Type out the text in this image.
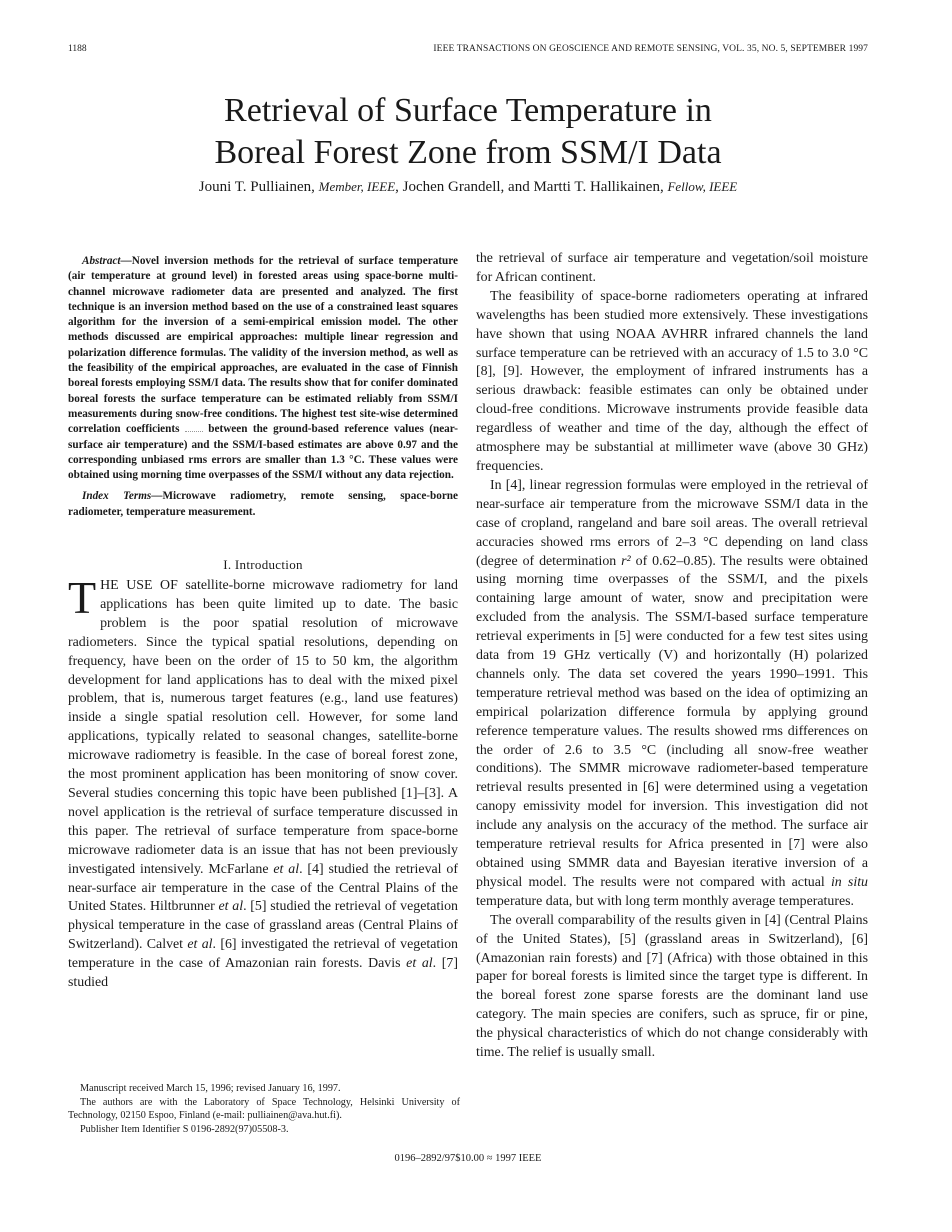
1188	IEEE TRANSACTIONS ON GEOSCIENCE AND REMOTE SENSING, VOL. 35, NO. 5, SEPTEMBER 1997
Retrieval of Surface Temperature in
Boreal Forest Zone from SSM/I Data
Jouni T. Pulliainen, Member, IEEE, Jochen Grandell, and Martti T. Hallikainen, Fellow, IEEE

Abstract—Novel inversion methods for the retrieval of surface temperature (air temperature at ground level) in forested areas using space-borne multi-channel microwave radiometer data are presented and analyzed. The first technique is an inversion method based on the use of a constrained least squares algorithm for the inversion of a semi-empirical emission model. The other methods discussed are empirical approaches: multiple linear regression and polarization difference formulas. The validity of the inversion method, as well as the feasibility of the empirical approaches, are evaluated in the case of Finnish boreal forests employing SSM/I data. The results show that for conifer dominated boreal forests the surface temperature can be estimated reliably from SSM/I measurements during snow-free conditions. The highest test site-wise determined correlation coefficients	between the ground-based reference values (near-surface air temperature) and the SSM/I-based estimates are above 0.97 and the corresponding unbiased rms errors are smaller than 1.3 °C. These values were obtained using morning time overpasses of the SSM/I without any data rejection.

Index Terms—Microwave radiometry, remote sensing, space-borne radiometer, temperature measurement.

I. Introduction

THE USE OF satellite-borne microwave radiometry for land applications has been quite limited up to date. The basic problem is the poor spatial resolution of microwave radiometers. Since the typical spatial resolutions, depending on frequency, have been on the order of 15 to 50 km, the algorithm development for land applications has to deal with the mixed pixel problem, that is, numerous target features (e.g., land use features) inside a single spatial resolution cell. However, for some land applications, typically related to seasonal changes, satellite-borne microwave radiometry is feasible. In the case of boreal forest zone, the most prominent application has been monitoring of snow cover. Several studies concerning this topic have been published [1]–[3]. A novel application is the retrieval of surface temperature discussed in this paper. The retrieval of surface temperature from space-borne microwave radiometer data is an issue that has not been previously investigated intensively. McFarlane et al. [4] studied the retrieval of near-surface air temperature in the case of the Central Plains of the United States. Hiltbrunner et al. [5] studied the retrieval of vegetation physical temperature in the case of grassland areas (Central Plains of Switzerland). Calvet et al. [6] investigated the retrieval of vegetation temperature in the case of Amazonian rain forests. Davis et al. [7] studied

Manuscript received March 15, 1996; revised January 16, 1997.

The authors are with the Laboratory of Space Technology, Helsinki University of Technology, 02150 Espoo, Finland (e-mail: pulliainen@ava.hut.fi).

Publisher Item Identifier S 0196-2892(97)05508-3.

the retrieval of surface air temperature and vegetation/soil moisture for African continent.

The feasibility of space-borne radiometers operating at infrared wavelengths has been studied more extensively. These investigations have shown that using NOAA AVHRR infrared channels the land surface temperature can be retrieved with an accuracy of 1.5 to 3.0 °C [8], [9]. However, the employment of infrared instruments has a serious drawback: feasible estimates can only be obtained under cloud-free conditions. Microwave instruments provide feasible data regardless of weather and time of the day, although the effect of atmosphere may be substantial at millimeter wave (above 30 GHz) frequencies.

In [4], linear regression formulas were employed in the retrieval of near-surface air temperature from the microwave SSM/I data in the case of cropland, rangeland and bare soil areas. The overall retrieval accuracies showed rms errors of 2–3 °C depending on land class (degree of determination r² of 0.62–0.85). The results were obtained using morning time overpasses of the SSM/I, and the pixels containing large amount of water, snow and precipitation were excluded from the analysis. The SSM/I-based surface temperature retrieval experiments in [5] were conducted for a few test sites using data from 19 GHz vertically (V) and horizontally (H) polarized channels only. The data set covered the years 1990–1991. This temperature retrieval method was based on the idea of optimizing an empirical polarization difference formula by applying ground reference temperature values. The results showed rms differences on the order of 2.6 to 3.5 °C (including all snow-free weather conditions). The SMMR microwave radiometer-based temperature retrieval results presented in [6] were determined using a vegetation canopy emissivity model for inversion. This investigation did not include any analysis on the accuracy of the method. The surface air temperature retrieval results for Africa presented in [7] were also obtained using SMMR data and Bayesian iterative inversion of a physical model. The results were not compared with actual in situ temperature data, but with long term monthly average temperatures.

The overall comparability of the results given in [4] (Central Plains of the United States), [5] (grassland areas in Switzerland), [6] (Amazonian rain forests) and [7] (Africa) with those obtained in this paper for boreal forests is limited since the target type is different. In the boreal forest zone sparse forests are the dominant land use category. The main species are conifers, such as spruce, fir or pine, the physical characteristics of which do not change considerably with time. The relief is usually small.

0196–2892/97$10.00 ≈ 1997 IEEE
